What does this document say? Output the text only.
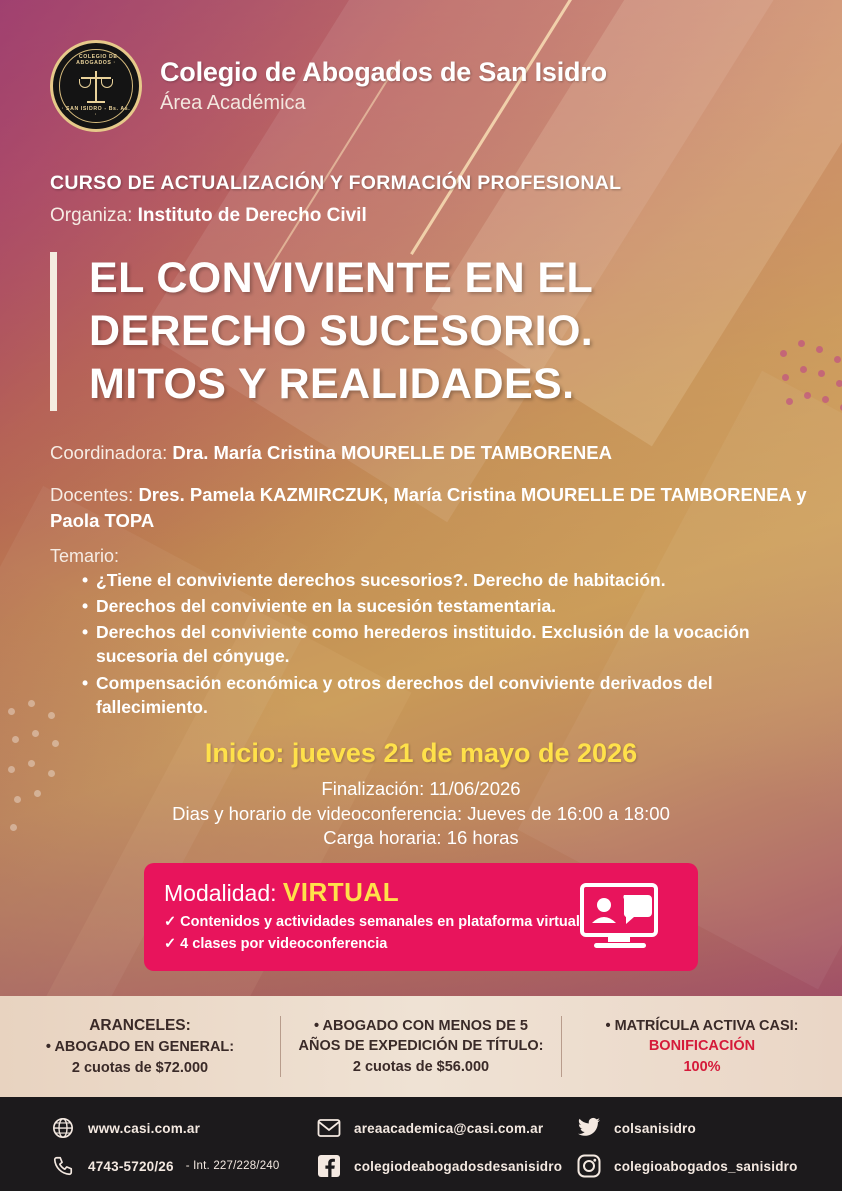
· COLEGIO DE ABOGADOS ·
· SAN ISIDRO - Bs. As. ·
Colegio de Abogados de San Isidro
Área Académica
CURSO DE ACTUALIZACIÓN Y FORMACIÓN PROFESIONAL
Organiza: Instituto de Derecho Civil
EL CONVIVIENTE EN EL
DERECHO SUCESORIO.
MITOS Y REALIDADES.
Coordinadora: Dra. María Cristina MOURELLE DE TAMBORENEA
Docentes: Dres. Pamela KAZMIRCZUK, María Cristina MOURELLE DE TAMBORENEA y Paola TOPA
Temario:
• ¿Tiene el conviviente derechos sucesorios?. Derecho de habitación.
• Derechos del conviviente en la sucesión testamentaria.
• Derechos del conviviente como herederos instituido. Exclusión de la vocación sucesoria del cónyuge.
• Compensación económica y otros derechos del conviviente derivados del fallecimiento.
Inicio: jueves 21 de mayo de 2026
Finalización: 11/06/2026
Dias y horario de videoconferencia: Jueves de 16:00 a 18:00
Carga horaria: 16 horas
Modalidad: VIRTUAL
✓ Contenidos y actividades semanales en plataforma virtual
✓ 4 clases por videoconferencia
ARANCELES:
• ABOGADO EN GENERAL:
2 cuotas de $72.000
• ABOGADO CON MENOS DE 5
AÑOS DE EXPEDICIÓN DE TÍTULO:
2 cuotas de $56.000
• MATRÍCULA ACTIVA CASI:
BONIFICACIÓN
100%
www.casi.com.ar
4743-5720/26 - Int. 227/228/240
areaacademica@casi.com.ar
colegiodeabogadosdesanisidro
colsanisidro
colegioabogados_sanisidro
